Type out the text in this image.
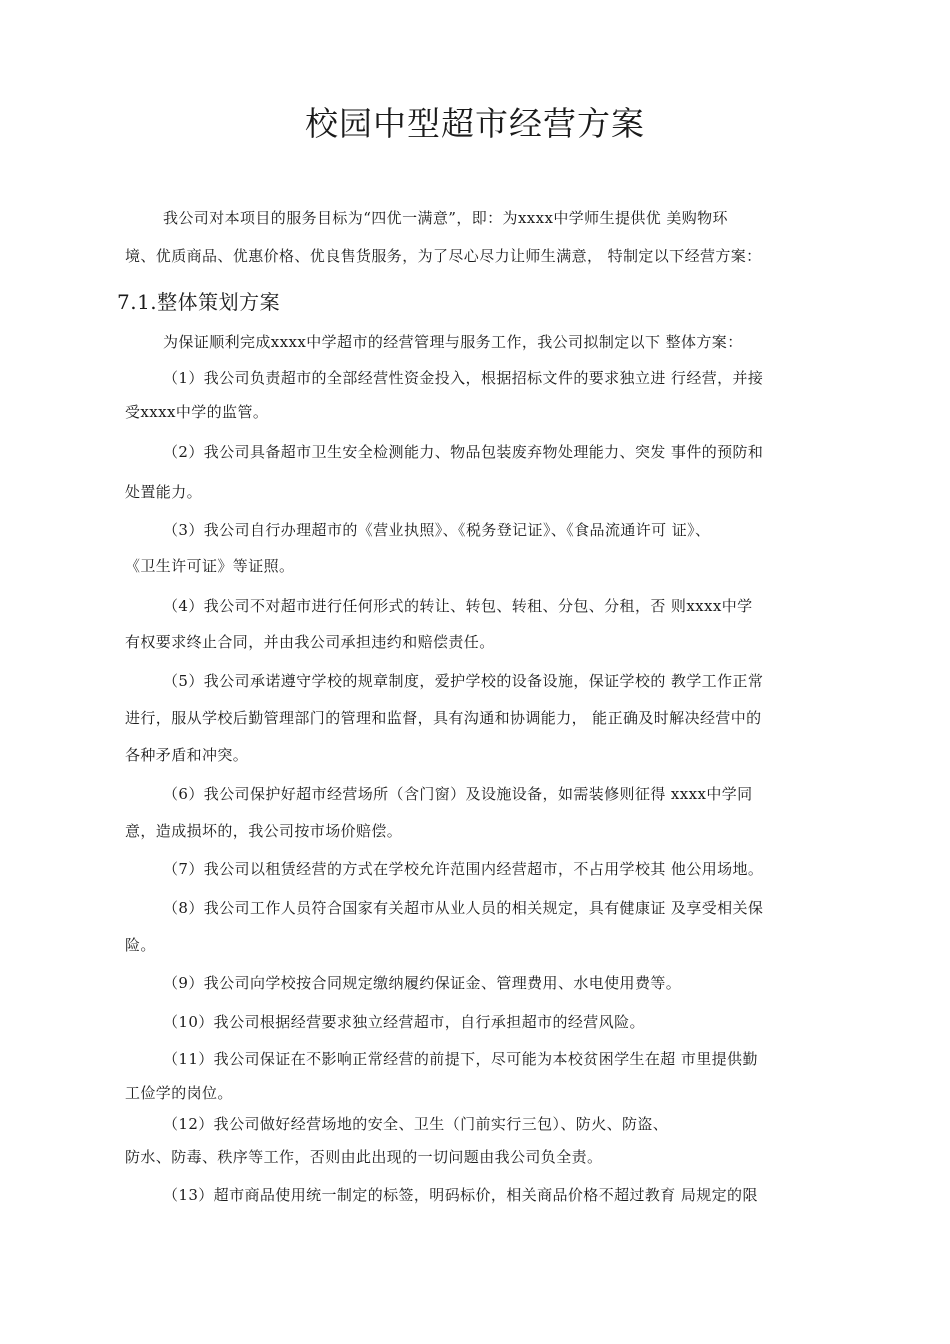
校园中型超市经营方案
我公司对本项目的服务目标为“四优一满意”，即：为xxxx中学师生提供优 美购物环
境、优质商品、优惠价格、优良售货服务，为了尽心尽力让师生满意， 特制定以下经营方案：
7.1.整体策划方案
为保证顺利完成xxxx中学超市的经营管理与服务工作，我公司拟制定以下 整体方案：
（1）我公司负责超市的全部经营性资金投入，根据招标文件的要求独立进 行经营，并接
受xxxx中学的监管。
（2）我公司具备超市卫生安全检测能力、物品包装废弃物处理能力、突发 事件的预防和
处置能力。
（3）我公司自行办理超市的《营业执照》、《税务登记证》、《食品流通许可 证》、
《卫生许可证》等证照。
（4）我公司不对超市进行任何形式的转让、转包、转租、分包、分租，否 则xxxx中学
有权要求终止合同，并由我公司承担违约和赔偿责任。
（5）我公司承诺遵守学校的规章制度，爱护学校的设备设施，保证学校的 教学工作正常
进行，服从学校后勤管理部门的管理和监督，具有沟通和协调能力， 能正确及时解决经营中的
各种矛盾和冲突。
（6）我公司保护好超市经营场所（含门窗）及设施设备，如需装修则征得 xxxx中学同
意，造成损坏的，我公司按市场价赔偿。
（7）我公司以租赁经营的方式在学校允许范围内经营超市，不占用学校其 他公用场地。
（8）我公司工作人员符合国家有关超市从业人员的相关规定，具有健康证 及享受相关保
险。
（9）我公司向学校按合同规定缴纳履约保证金、管理费用、水电使用费等。
（10）我公司根据经营要求独立经营超市，自行承担超市的经营风险。
（11）我公司保证在不影响正常经营的前提下，尽可能为本校贫困学生在超 市里提供勤
工俭学的岗位。
（12）我公司做好经营场地的安全、卫生（门前实行三包）、防火、防盗、
防水、防毒、秩序等工作，否则由此出现的一切问题由我公司负全责。
（13）超市商品使用统一制定的标签，明码标价，相关商品价格不超过教育 局规定的限
